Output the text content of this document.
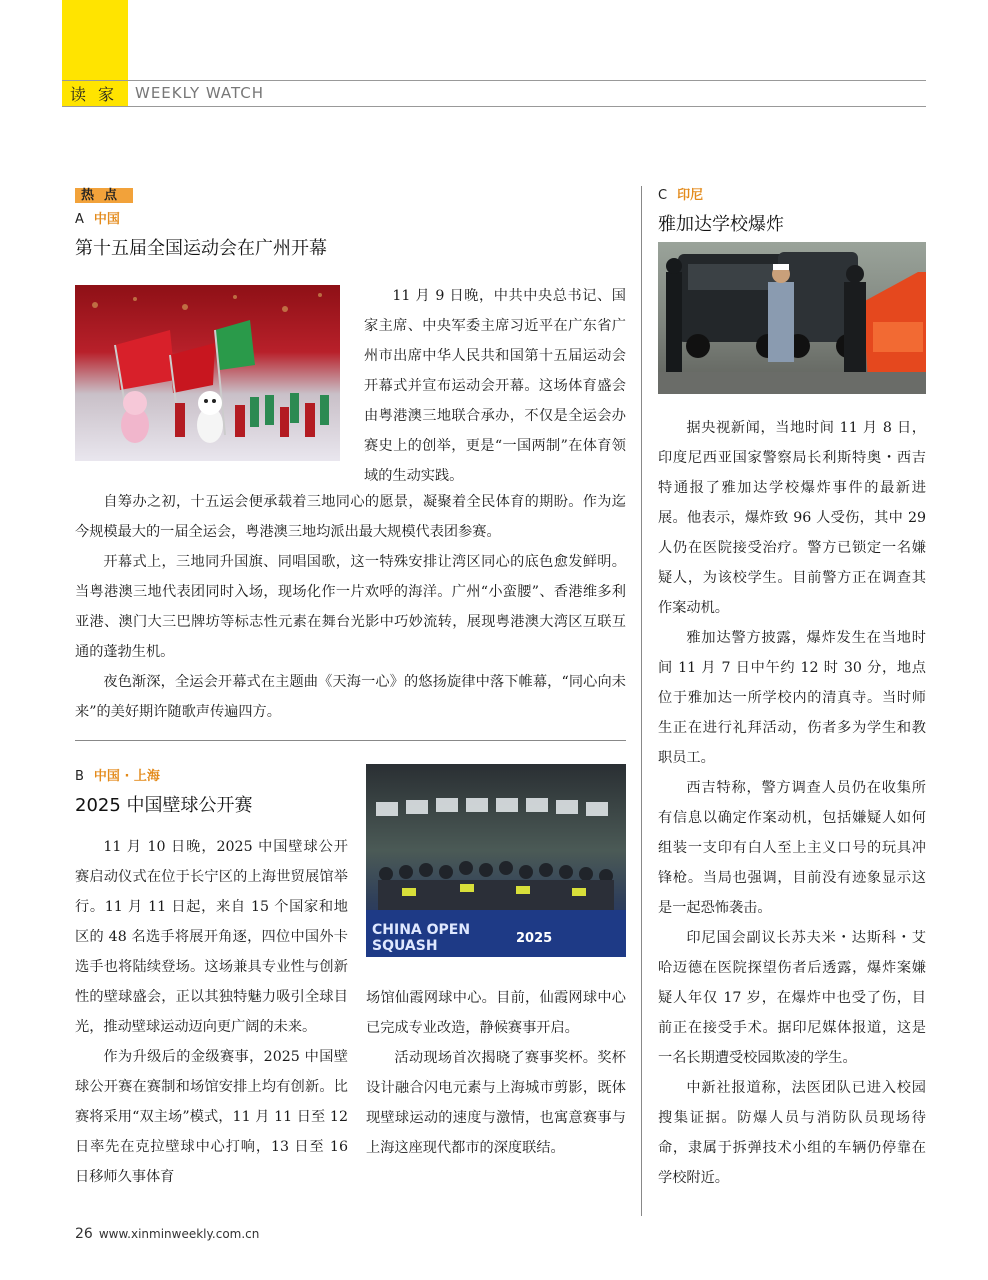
读家 WEEKLY WATCH
热点
A 中国
第十五届全国运动会在广州开幕

11 月 9 日晚，中共中央总书记、国家主席、中央军委主席习近平在广东省广州市出席中华人民共和国第十五届运动会开幕式并宣布运动会开幕。这场体育盛会由粤港澳三地联合承办，不仅是全运会办赛史上的创举，更是“一国两制”在体育领域的生动实践。

自筹办之初，十五运会便承载着三地同心的愿景，凝聚着全民体育的期盼。作为迄今规模最大的一届全运会，粤港澳三地均派出最大规模代表团参赛。

开幕式上，三地同升国旗、同唱国歌，这一特殊安排让湾区同心的底色愈发鲜明。当粤港澳三地代表团同时入场，现场化作一片欢呼的海洋。广州“小蛮腰”、香港维多利亚港、澳门大三巴牌坊等标志性元素在舞台光影中巧妙流转，展现粤港澳大湾区互联互通的蓬勃生机。

夜色渐深，全运会开幕式在主题曲《天海一心》的悠扬旋律中落下帷幕，“同心向未来”的美好期许随歌声传遍四方。

B 中国 · 上海
2025 中国壁球公开赛
CHINA OPEN
SQUASH	2025

11 月 10 日晚，2025 中国壁球公开赛启动仪式在位于长宁区的上海世贸展馆举行。11 月 11 日起，来自 15 个国家和地区的 48 名选手将展开角逐，四位中国外卡选手也将陆续登场。这场兼具专业性与创新性的壁球盛会，正以其独特魅力吸引全球目光，推动壁球运动迈向更广阔的未来。

作为升级后的金级赛事，2025 中国壁球公开赛在赛制和场馆安排上均有创新。比赛将采用“双主场”模式，11 月 11 日至 12 日率先在克拉壁球中心打响，13 日至 16 日移师久事体育

场馆仙霞网球中心。目前，仙霞网球中心已完成专业改造，静候赛事开启。

活动现场首次揭晓了赛事奖杯。奖杯设计融合闪电元素与上海城市剪影，既体现壁球运动的速度与激情，也寓意赛事与上海这座现代都市的深度联结。

C 印尼
雅加达学校爆炸

据央视新闻，当地时间 11 月 8 日，印度尼西亚国家警察局长利斯特奥・西吉特通报了雅加达学校爆炸事件的最新进展。他表示，爆炸致 96 人受伤，其中 29 人仍在医院接受治疗。警方已锁定一名嫌疑人，为该校学生。目前警方正在调查其作案动机。

雅加达警方披露，爆炸发生在当地时间 11 月 7 日中午约 12 时 30 分，地点位于雅加达一所学校内的清真寺。当时师生正在进行礼拜活动，伤者多为学生和教职员工。

西吉特称，警方调查人员仍在收集所有信息以确定作案动机，包括嫌疑人如何组装一支印有白人至上主义口号的玩具冲锋枪。当局也强调，目前没有迹象显示这是一起恐怖袭击。

印尼国会副议长苏夫米・达斯科・艾哈迈德在医院探望伤者后透露，爆炸案嫌疑人年仅 17 岁，在爆炸中也受了伤，目前正在接受手术。据印尼媒体报道，这是一名长期遭受校园欺凌的学生。

中新社报道称，法医团队已进入校园搜集证据。防爆人员与消防队员现场待命，隶属于拆弹技术小组的车辆仍停靠在学校附近。

26 www.xinminweekly.com.cn
